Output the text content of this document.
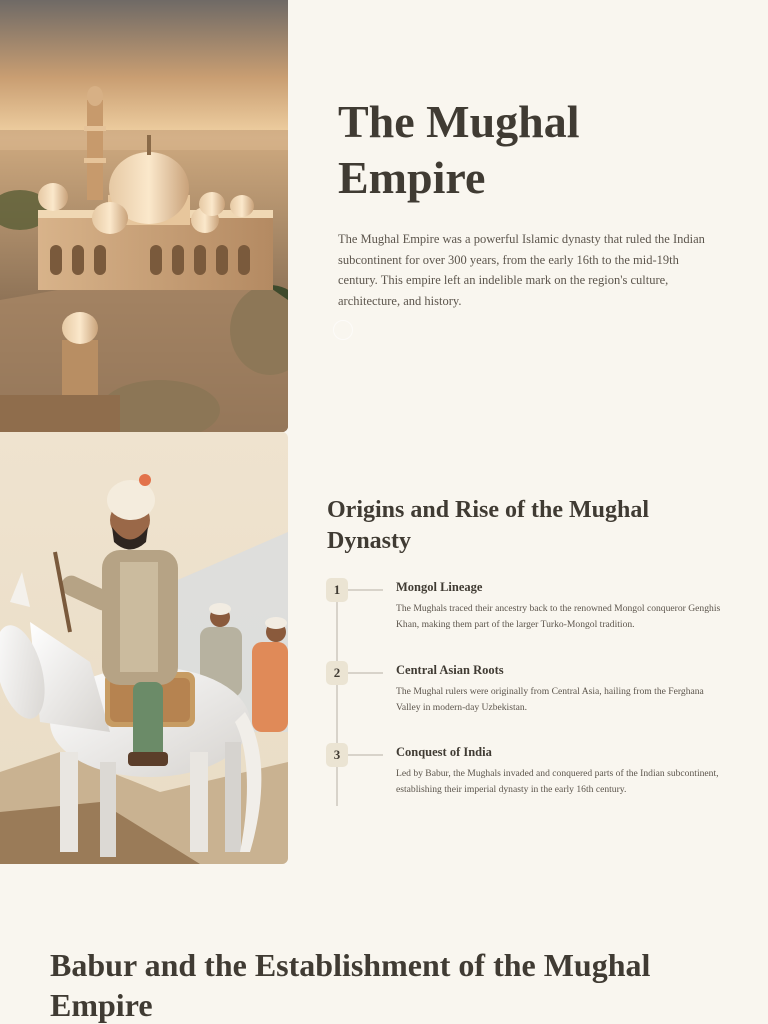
The Mughal Empire

The Mughal Empire was a powerful Islamic dynasty that ruled the Indian subcontinent for over 300 years, from the early 16th to the mid-19th century. This empire left an indelible mark on the region's culture, architecture, and history.

Origins and Rise of the Mughal Dynasty
1	Mongol Lineage

The Mughals traced their ancestry back to the renowned Mongol conqueror Genghis Khan, making them part of the larger Turko-Mongol tradition.

2	Central Asian Roots

The Mughal rulers were originally from Central Asia, hailing from the Ferghana Valley in modern-day Uzbekistan.

3	Conquest of India

Led by Babur, the Mughals invaded and conquered parts of the Indian subcontinent, establishing their imperial dynasty in the early 16th century.

Babur and the Establishment of the Mughal Empire
